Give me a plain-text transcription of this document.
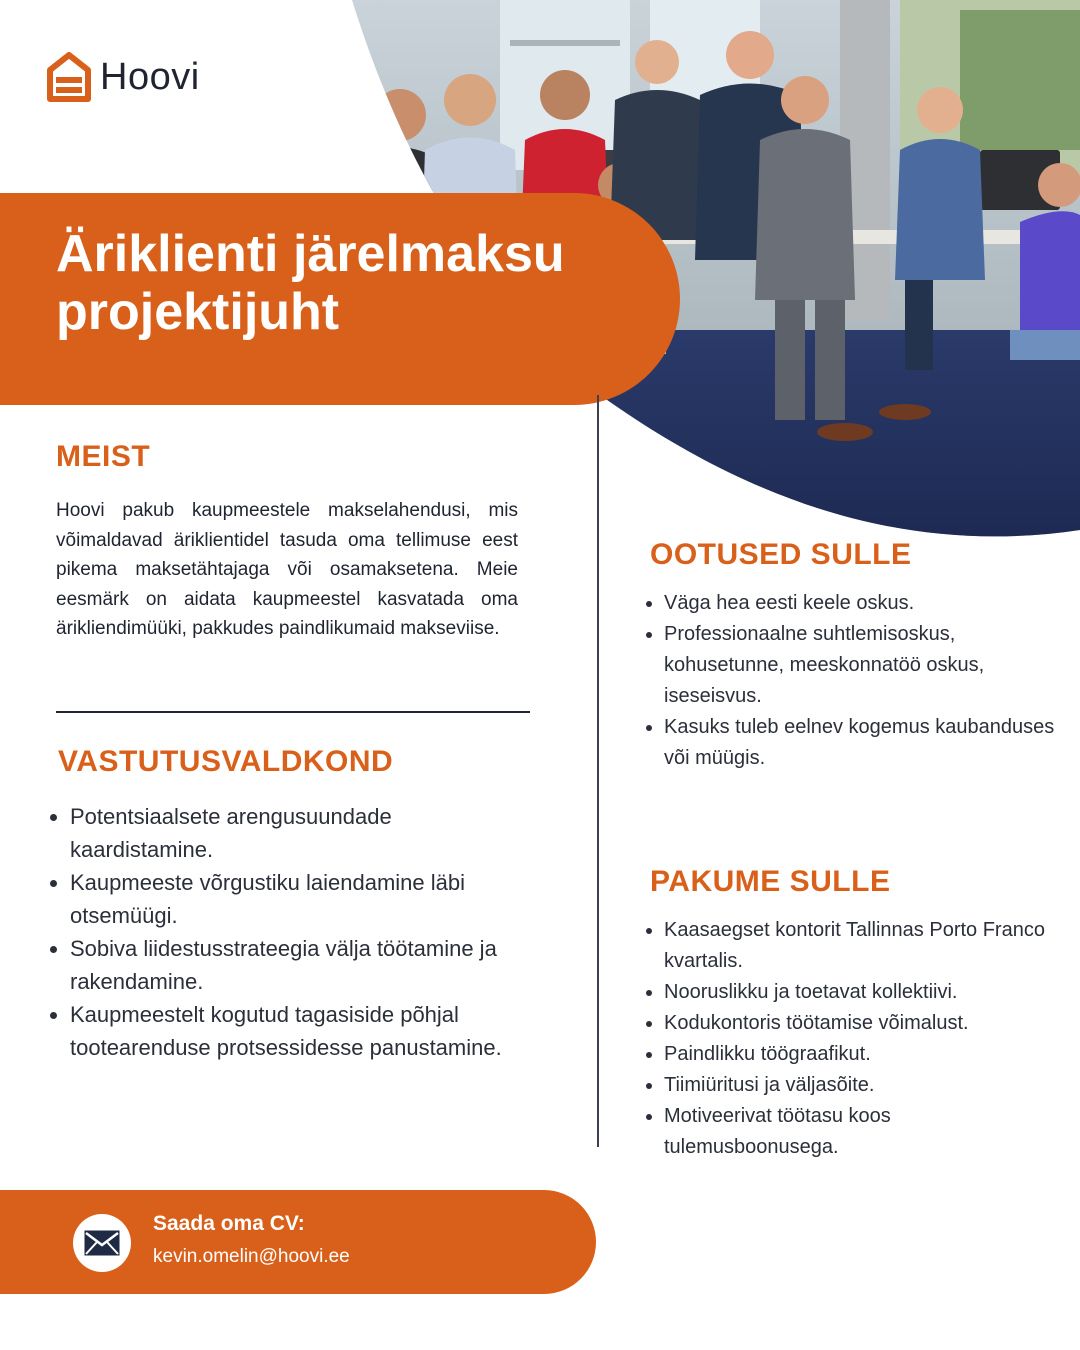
Hoovi
Äriklienti järelmaksu projektijuht
MEIST
Hoovi pakub kaupmeestele makselahendusi, mis võimaldavad äriklientidel tasuda oma tellimuse eest pikema maksetähtajaga või osamaksetena. Meie eesmärk on aidata kaupmeestel kasvatada oma ärikliendimüüki, pakkudes paindlikumaid makseviise.
VASTUTUSVALDKOND
• Potentsiaalsete arengusuundade kaardistamine.
• Kaupmeeste võrgustiku laiendamine läbi otsemüügi.
• Sobiva liidestusstrateegia välja töötamine ja rakendamine.
• Kaupmeestelt kogutud tagasiside põhjal tootearenduse protsessidesse panustamine.
OOTUSED SULLE
• Väga hea eesti keele oskus.
• Professionaalne suhtlemisoskus, kohusetunne, meeskonnatöö oskus, iseseisvus.
• Kasuks tuleb eelnev kogemus kaubanduses või müügis.
PAKUME SULLE
• Kaasaegset kontorit Tallinnas Porto Franco kvartalis.
• Nooruslikku ja toetavat kollektiivi.
• Kodukontoris töötamise võimalust.
• Paindlikku töögraafikut.
• Tiimiüritusi ja väljasõite.
• Motiveerivat töötasu koos tulemusboonusega.
Saada oma CV:
kevin.omelin@hoovi.ee
